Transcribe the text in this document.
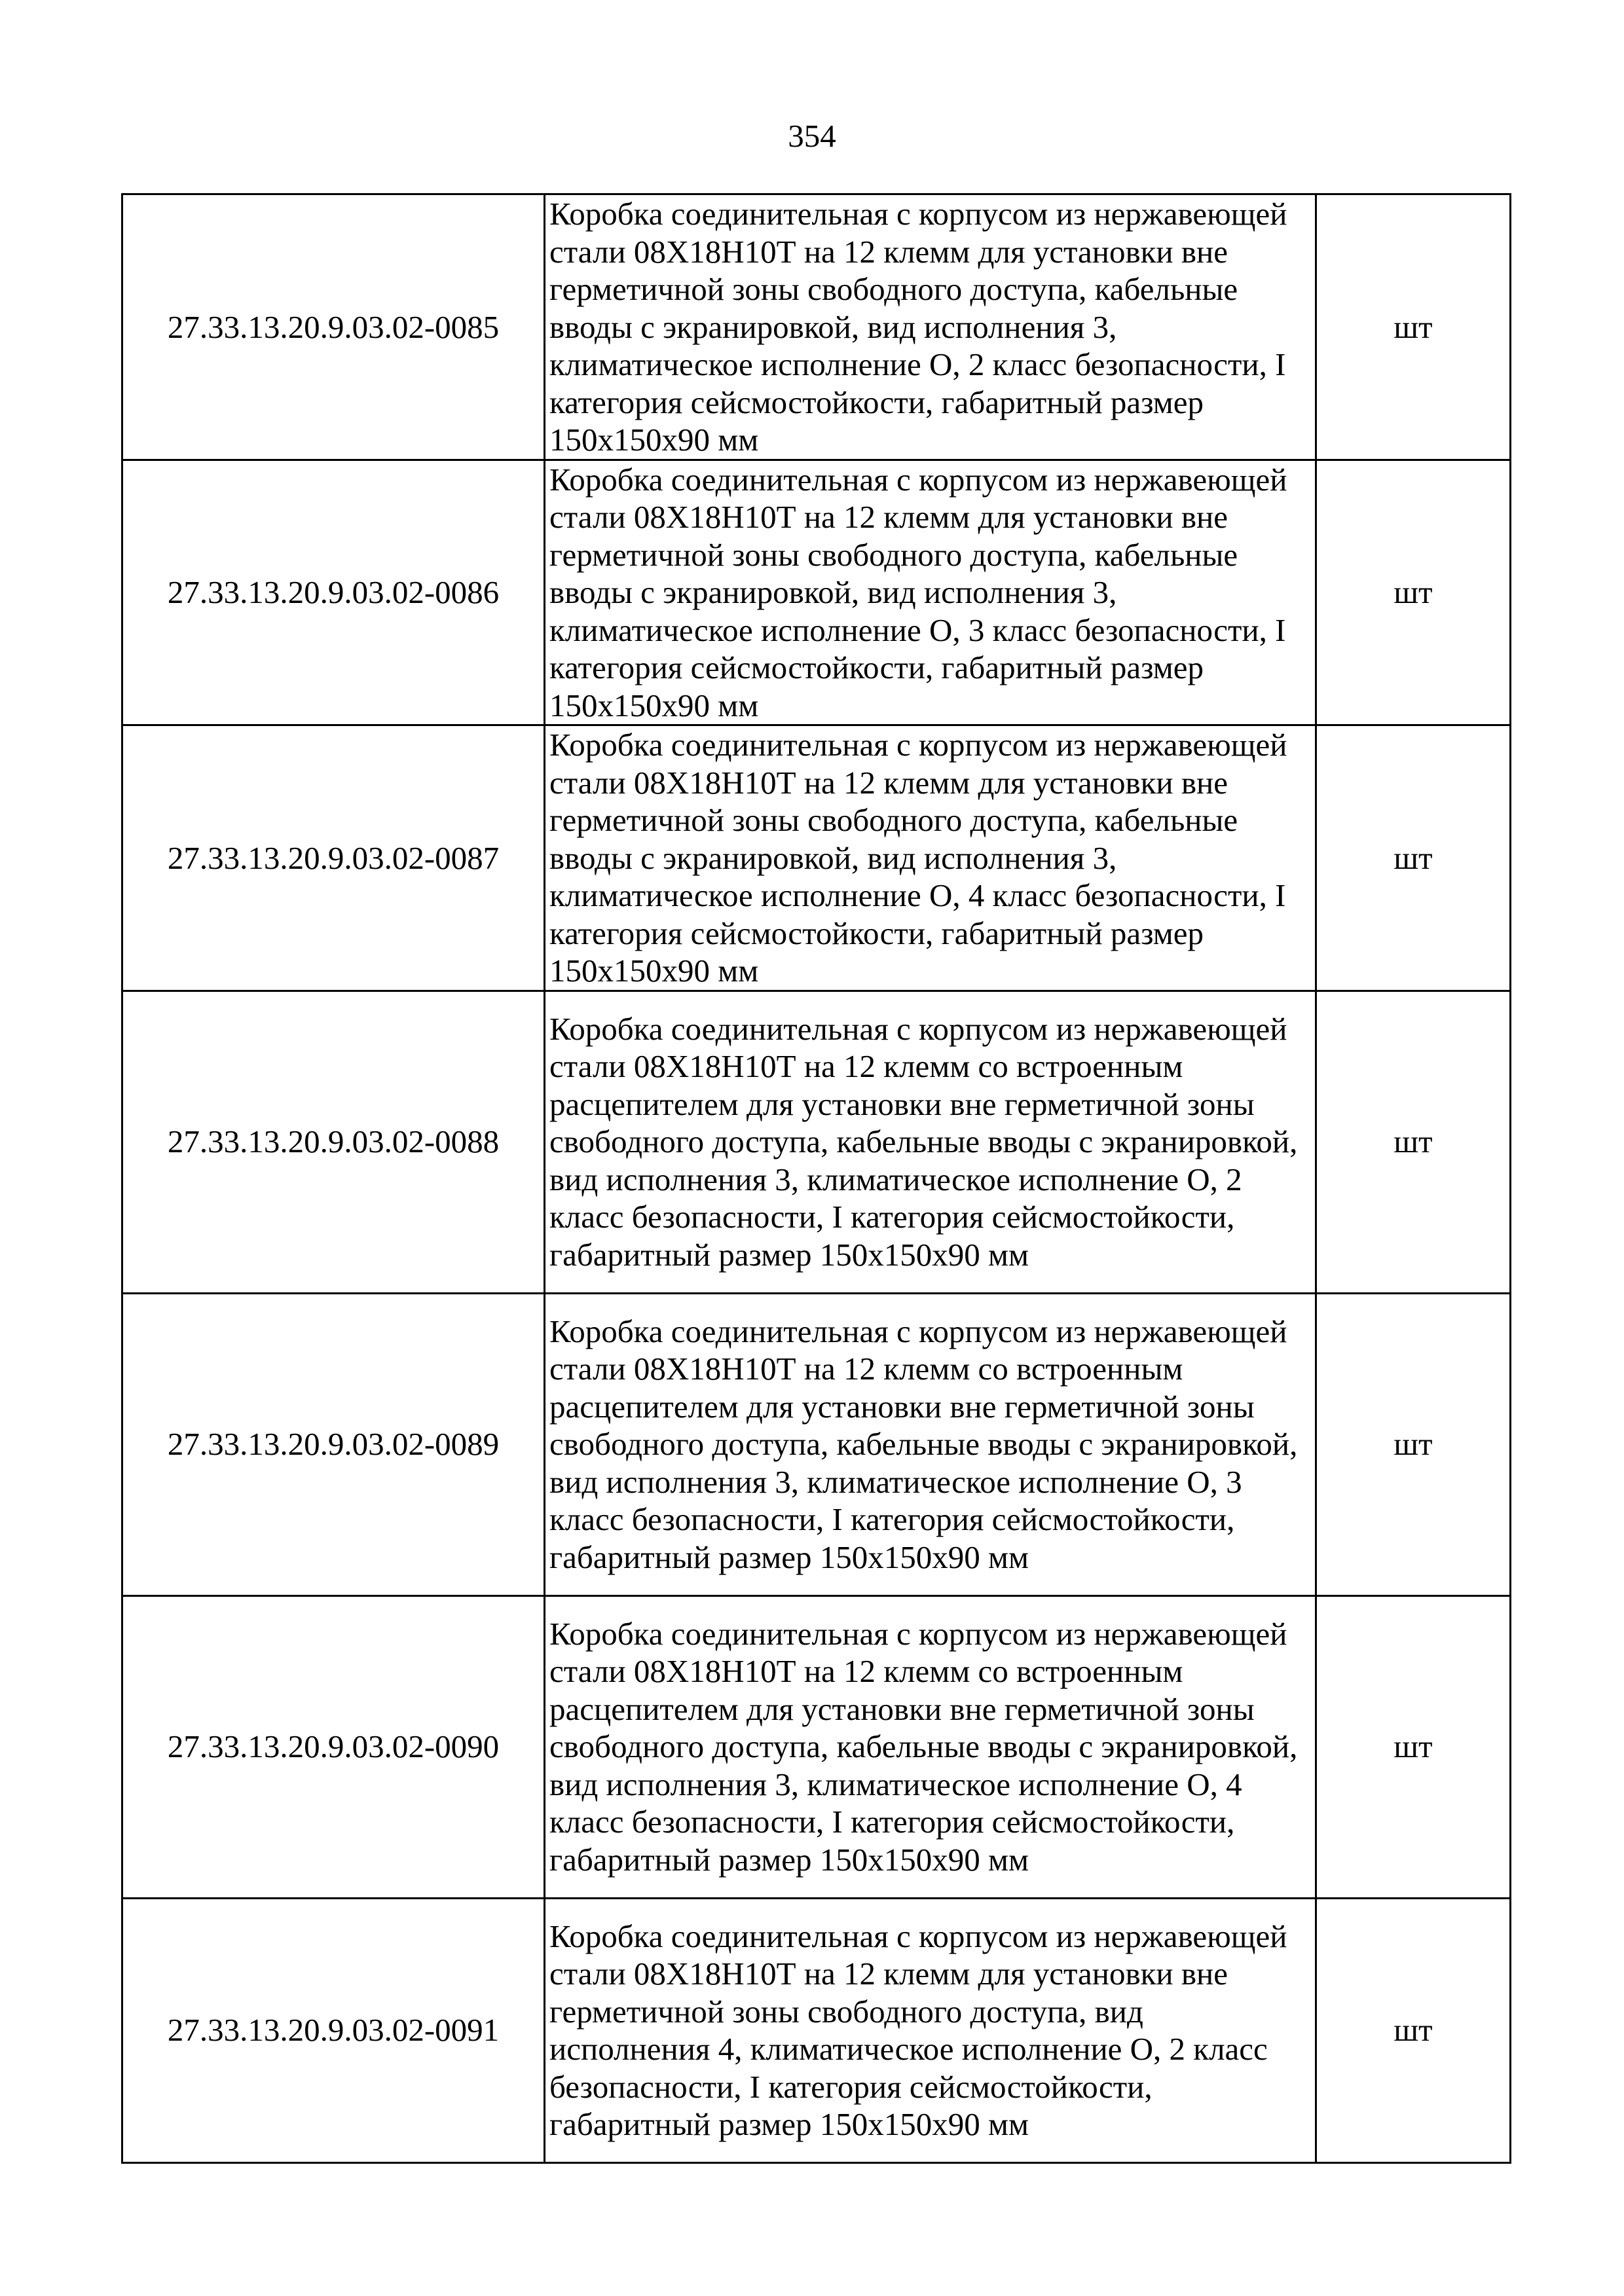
354
27.33.13.20.9.03.02-0085	Коробка соединительная с корпусом из нержавеющей стали 08Х18Н10Т на 12 клемм для установки вне герметичной зоны свободного доступа, кабельные вводы с экранировкой, вид исполнения 3, климатическое исполнение О, 2 класс безопасности, I категория сейсмостойкости, габаритный размер 150х150х90 мм	шт
27.33.13.20.9.03.02-0086	Коробка соединительная с корпусом из нержавеющей стали 08Х18Н10Т на 12 клемм для установки вне герметичной зоны свободного доступа, кабельные вводы с экранировкой, вид исполнения 3, климатическое исполнение О, 3 класс безопасности, I категория сейсмостойкости, габаритный размер 150х150х90 мм	шт
27.33.13.20.9.03.02-0087	Коробка соединительная с корпусом из нержавеющей стали 08Х18Н10Т на 12 клемм для установки вне герметичной зоны свободного доступа, кабельные вводы с экранировкой, вид исполнения 3, климатическое исполнение О, 4 класс безопасности, I категория сейсмостойкости, габаритный размер 150х150х90 мм	шт
27.33.13.20.9.03.02-0088	Коробка соединительная с корпусом из нержавеющей стали 08Х18Н10Т на 12 клемм со встроенным расцепителем для установки вне герметичной зоны свободного доступа, кабельные вводы с экранировкой, вид исполнения 3, климатическое исполнение О, 2 класс безопасности, I категория сейсмостойкости, габаритный размер 150х150х90 мм	шт
27.33.13.20.9.03.02-0089	Коробка соединительная с корпусом из нержавеющей стали 08Х18Н10Т на 12 клемм со встроенным расцепителем для установки вне герметичной зоны свободного доступа, кабельные вводы с экранировкой, вид исполнения 3, климатическое исполнение О, 3 класс безопасности, I категория сейсмостойкости, габаритный размер 150х150х90 мм	шт
27.33.13.20.9.03.02-0090	Коробка соединительная с корпусом из нержавеющей стали 08Х18Н10Т на 12 клемм со встроенным расцепителем для установки вне герметичной зоны свободного доступа, кабельные вводы с экранировкой, вид исполнения 3, климатическое исполнение О, 4 класс безопасности, I категория сейсмостойкости, габаритный размер 150х150х90 мм	шт
27.33.13.20.9.03.02-0091	Коробка соединительная с корпусом из нержавеющей стали 08Х18Н10Т на 12 клемм для установки вне герметичной зоны свободного доступа, вид исполнения 4, климатическое исполнение О, 2 класс безопасности, I категория сейсмостойкости, габаритный размер 150х150х90 мм	шт
